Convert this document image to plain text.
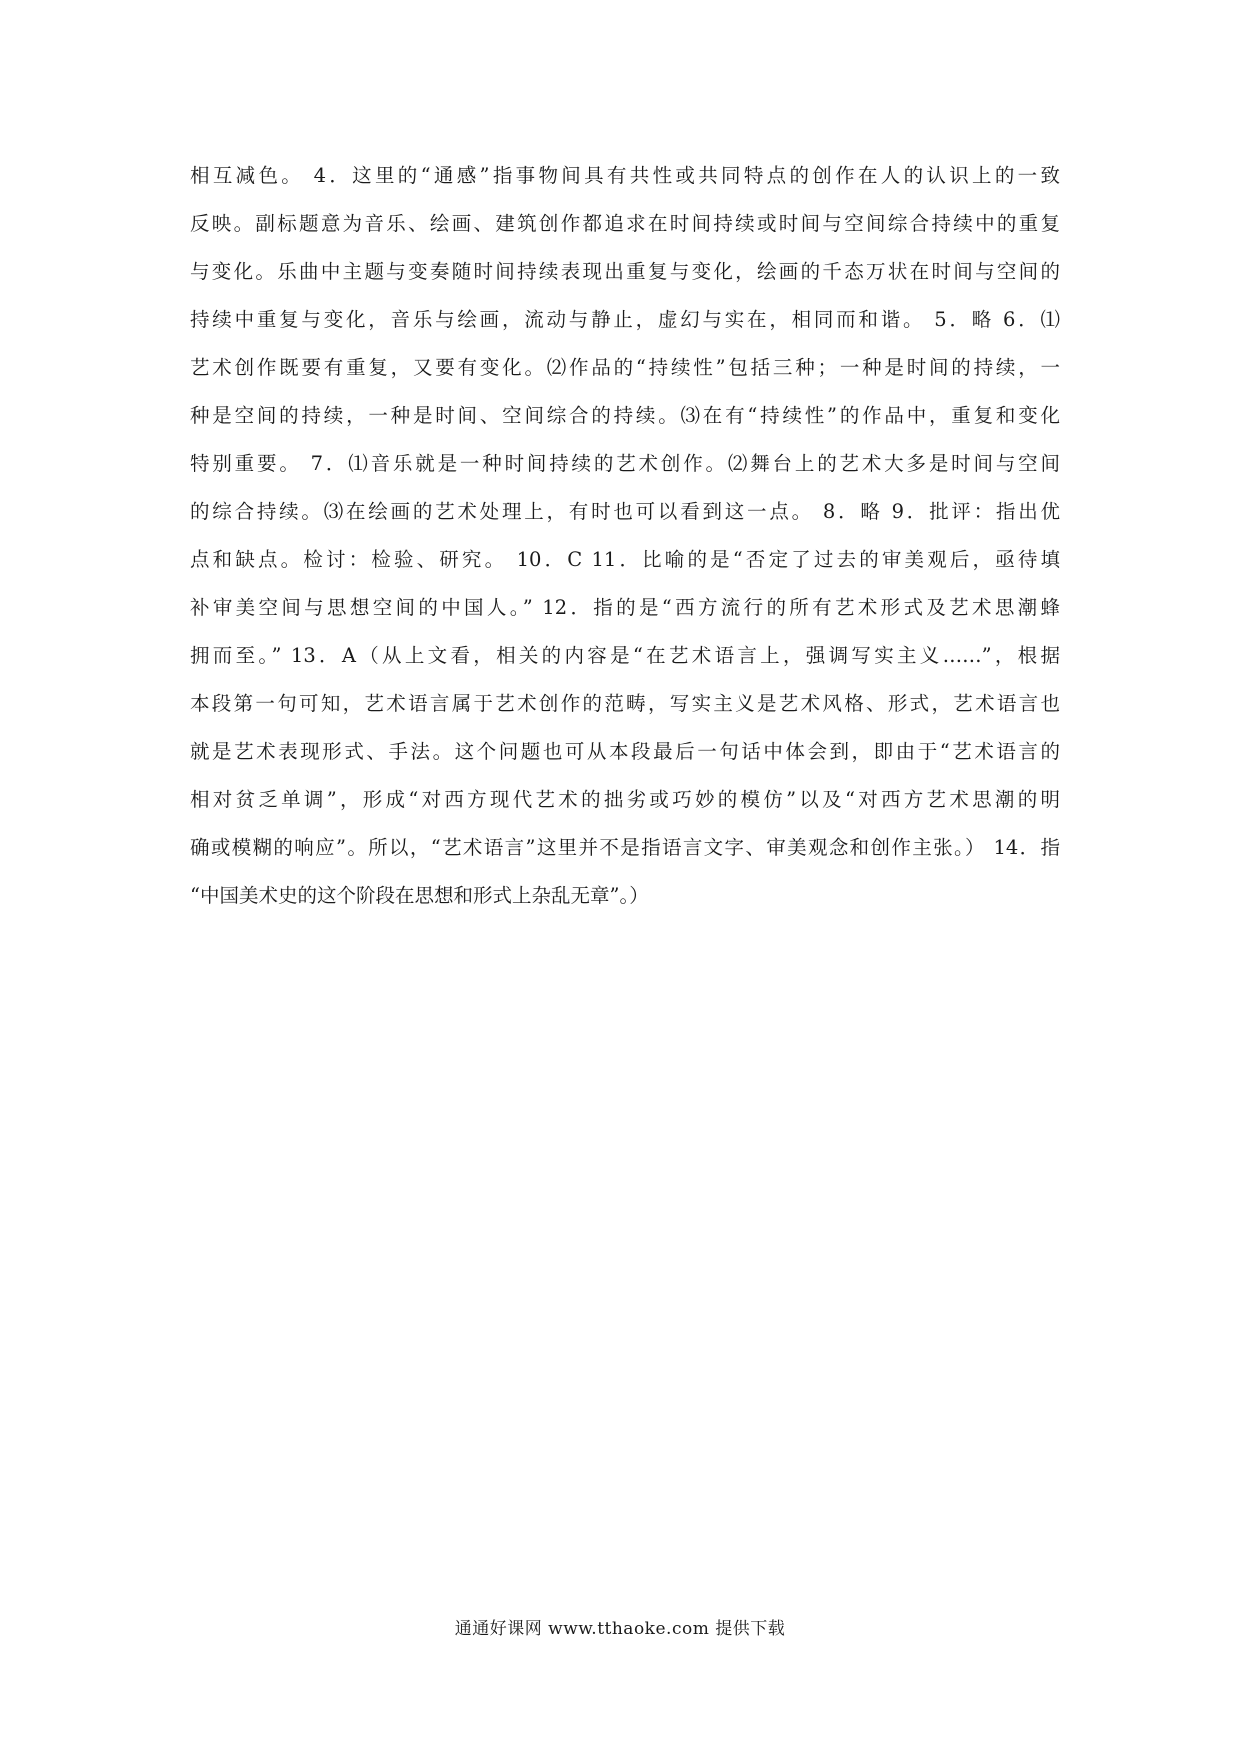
相互减色。 4．这里的“通感”指事物间具有共性或共同特点的创作在人的认识上的一致
反映。副标题意为音乐、绘画、建筑创作都追求在时间持续或时间与空间综合持续中的重复
与变化。乐曲中主题与变奏随时间持续表现出重复与变化，绘画的千态万状在时间与空间的
持续中重复与变化，音乐与绘画，流动与静止，虚幻与实在，相同而和谐。 5．略 6．⑴
艺术创作既要有重复，又要有变化。⑵作品的“持续性”包括三种；一种是时间的持续，一
种是空间的持续，一种是时间、空间综合的持续。⑶在有“持续性”的作品中，重复和变化
特别重要。 7．⑴音乐就是一种时间持续的艺术创作。⑵舞台上的艺术大多是时间与空间
的综合持续。⑶在绘画的艺术处理上，有时也可以看到这一点。 8．略 9．批评：指出优
点和缺点。检讨：检验、研究。 10．C 11．比喻的是“否定了过去的审美观后，亟待填
补审美空间与思想空间的中国人。” 12．指的是“西方流行的所有艺术形式及艺术思潮蜂
拥而至。” 13．A（从上文看，相关的内容是“在艺术语言上，强调写实主义……”，根据
本段第一句可知，艺术语言属于艺术创作的范畴，写实主义是艺术风格、形式，艺术语言也
就是艺术表现形式、手法。这个问题也可从本段最后一句话中体会到，即由于“艺术语言的
相对贫乏单调”，形成“对西方现代艺术的拙劣或巧妙的模仿”以及“对西方艺术思潮的明
确或模糊的响应”。所以，“艺术语言”这里并不是指语言文字、审美观念和创作主张。） 14．指
“中国美术史的这个阶段在思想和形式上杂乱无章”。）
通通好课网 www.tthaoke.com 提供下载
